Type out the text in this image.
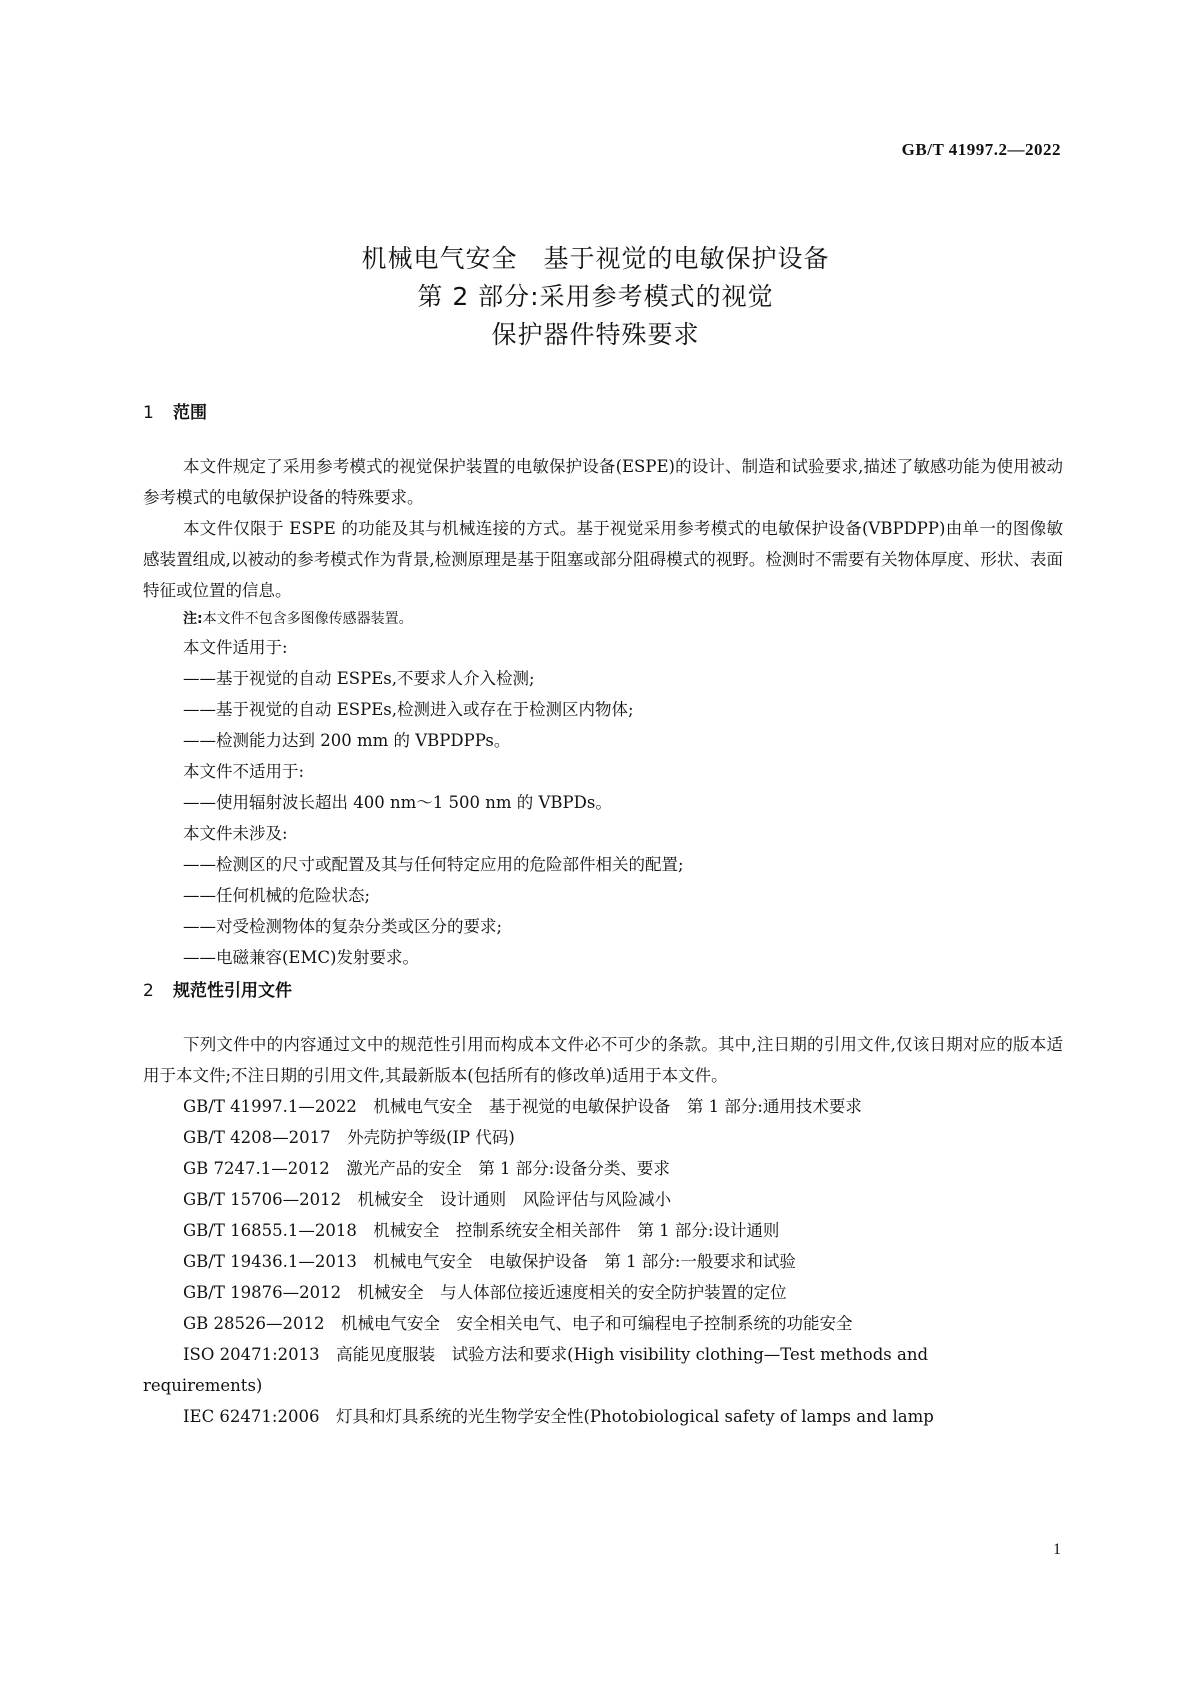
GB/T 41997.2—2022
机械电气安全　基于视觉的电敏保护设备
第 2 部分:采用参考模式的视觉
保护器件特殊要求
1 范围

本文件规定了采用参考模式的视觉保护装置的电敏保护设备(ESPE)的设计、制造和试验要求,描述了敏感功能为使用被动参考模式的电敏保护设备的特殊要求。

本文件仅限于 ESPE 的功能及其与机械连接的方式。基于视觉采用参考模式的电敏保护设备(VBPDPP)由单一的图像敏感装置组成,以被动的参考模式作为背景,检测原理是基于阻塞或部分阻碍模式的视野。检测时不需要有关物体厚度、形状、表面特征或位置的信息。

注:本文件不包含多图像传感器装置。

本文件适用于:

——基于视觉的自动 ESPEs,不要求人介入检测;

——基于视觉的自动 ESPEs,检测进入或存在于检测区内物体;

——检测能力达到 200 mm 的 VBPDPPs。

本文件不适用于:

——使用辐射波长超出 400 nm～1 500 nm 的 VBPDs。

本文件未涉及:

——检测区的尺寸或配置及其与任何特定应用的危险部件相关的配置;

——任何机械的危险状态;

——对受检测物体的复杂分类或区分的要求;

——电磁兼容(EMC)发射要求。

2 规范性引用文件

下列文件中的内容通过文中的规范性引用而构成本文件必不可少的条款。其中,注日期的引用文件,仅该日期对应的版本适用于本文件;不注日期的引用文件,其最新版本(包括所有的修改单)适用于本文件。

GB/T 41997.1—2022　机械电气安全　基于视觉的电敏保护设备　第 1 部分:通用技术要求

GB/T 4208—2017　外壳防护等级(IP 代码)

GB 7247.1—2012　激光产品的安全　第 1 部分:设备分类、要求

GB/T 15706—2012　机械安全　设计通则　风险评估与风险减小

GB/T 16855.1—2018　机械安全　控制系统安全相关部件　第 1 部分:设计通则

GB/T 19436.1—2013　机械电气安全　电敏保护设备　第 1 部分:一般要求和试验

GB/T 19876—2012　机械安全　与人体部位接近速度相关的安全防护装置的定位

GB 28526—2012　机械电气安全　安全相关电气、电子和可编程电子控制系统的功能安全

ISO 20471:2013　高能见度服装　试验方法和要求(High visibility clothing—Test methods and

requirements)

IEC 62471:2006　灯具和灯具系统的光生物学安全性(Photobiological safety of lamps and lamp

1
